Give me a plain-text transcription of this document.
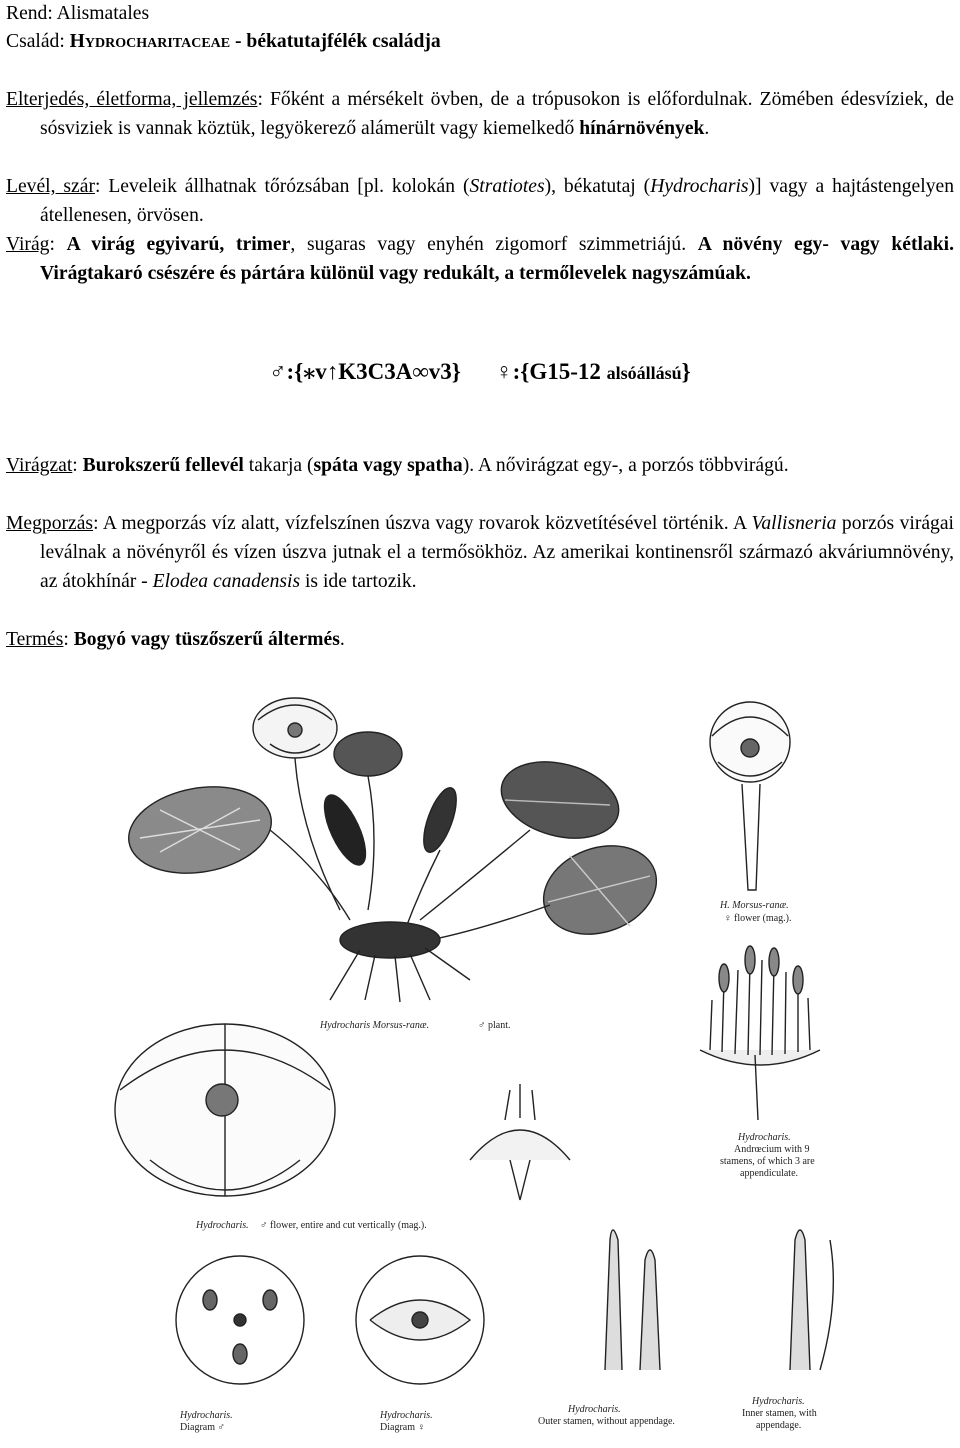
Rend: Alismatales
Család: Hydrocharitaceae - békatutajfélék családja
Elterjedés, életforma, jellemzés: Főként a mérsékelt övben, de a trópusokon is előfordulnak. Zömében édesvíziek, de sósviziek is vannak köztük, legyökerező alámerült vagy kiemelkedő hínárnövények.
Levél, szár: Leveleik állhatnak tőrózsában [pl. kolokán (Stratiotes), békatutaj (Hydrocharis)] vagy a hajtástengelyen átellenesen, örvösen.
Virág: A virág egyivarú, trimer, sugaras vagy enyhén zigomorf szimmetriájú. A növény egy- vagy kétlaki. Virágtakaró csészére és pártára különül vagy redukált, a termőlevelek nagyszámúak.
♂:{⁎v↑K3C3A∞v3} ♀:{G15-12 alsóállású}
Virágzat: Burokszerű fellevél takarja (spáta vagy spatha). A nővirágzat egy-, a porzós többvirágú.
Megporzás: A megporzás víz alatt, vízfelszínen úszva vagy rovarok közvetítésével történik. A Vallisneria porzós virágai leválnak a növényről és vízen úszva jutnak el a termősökhöz. Az amerikai kontinensről származó akváriumnövény, az átokhínár - Elodea canadensis is ide tartozik.
Termés: Bogyó vagy tüszőszerű áltermés.
Hydrocharis Morsus-ranæ.	♂ plant.
H. Morsus-ranæ.
♀ flower (mag.).
Hydrocharis.
Andrœcium with 9
stamens, of which 3 are
appendiculate.
Hydrocharis. ♂ flower, entire and cut vertically (mag.).
Hydrocharis.
Diagram ♂
Hydrocharis.
Diagram ♀
Hydrocharis.
Outer stamen, without appendage.
Hydrocharis.
Inner stamen, with
appendage.
